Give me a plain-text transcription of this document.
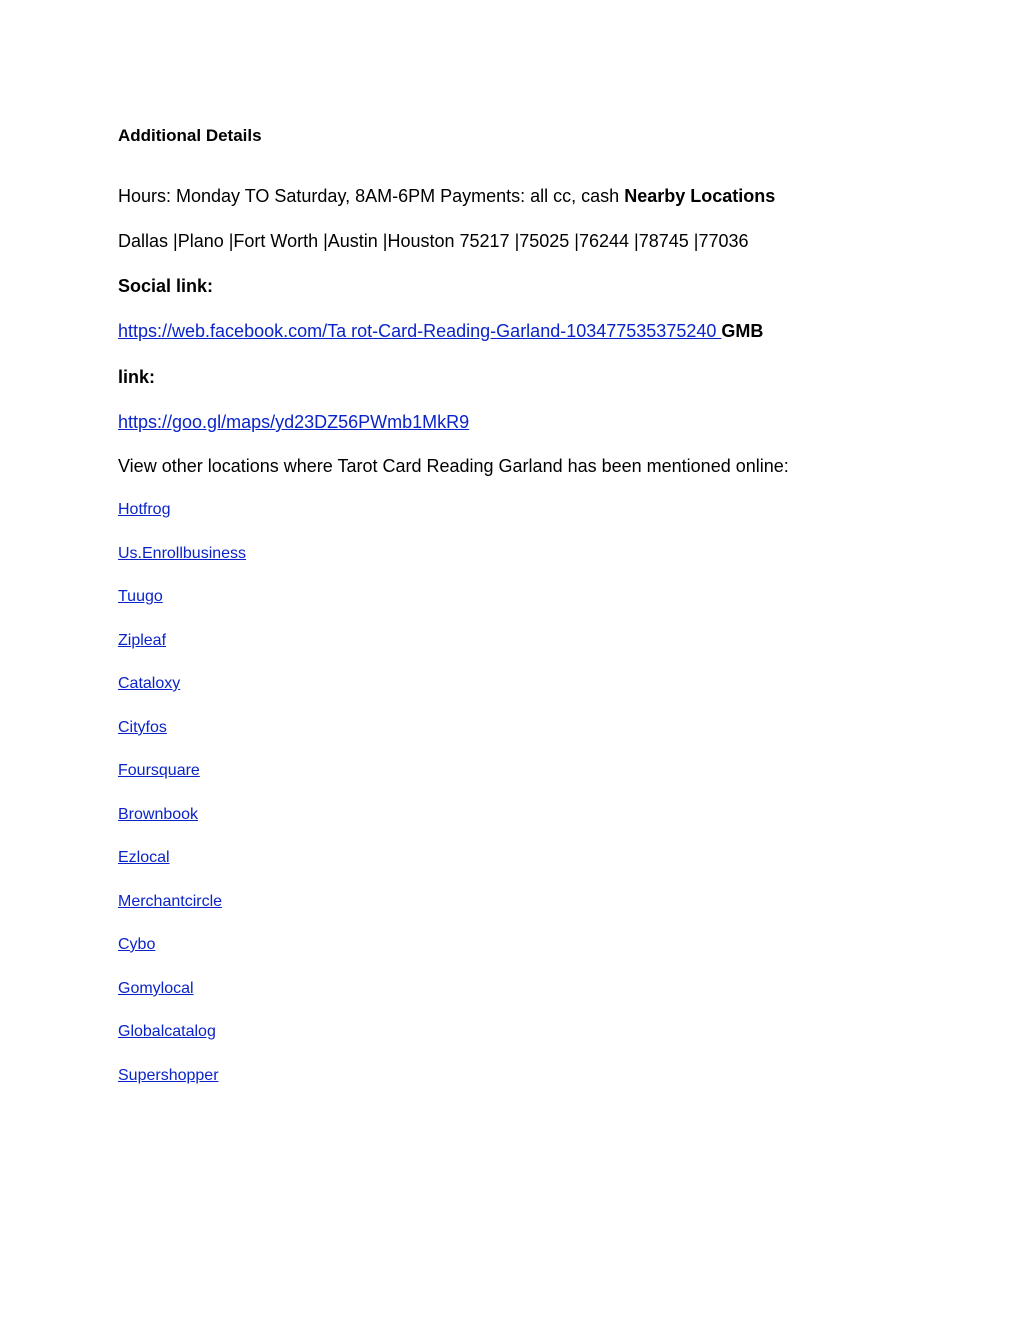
Additional Details
Hours: Monday TO Saturday, 8AM-6PM Payments: all cc, cash Nearby Locations
Dallas |Plano |Fort Worth |Austin |Houston 75217 |75025 |76244 |78745 |77036
Social link:
https://web.facebook.com/Ta rot-Card-Reading-Garland-103477535375240 GMB
link:
https://goo.gl/maps/yd23DZ56PWmb1MkR9
View other locations where Tarot Card Reading Garland has been mentioned online:
Hotfrog
Us.Enrollbusiness
Tuugo
Zipleaf
Cataloxy
Cityfos
Foursquare
Brownbook
Ezlocal
Merchantcircle
Cybo
Gomylocal
Globalcatalog
Supershopper
